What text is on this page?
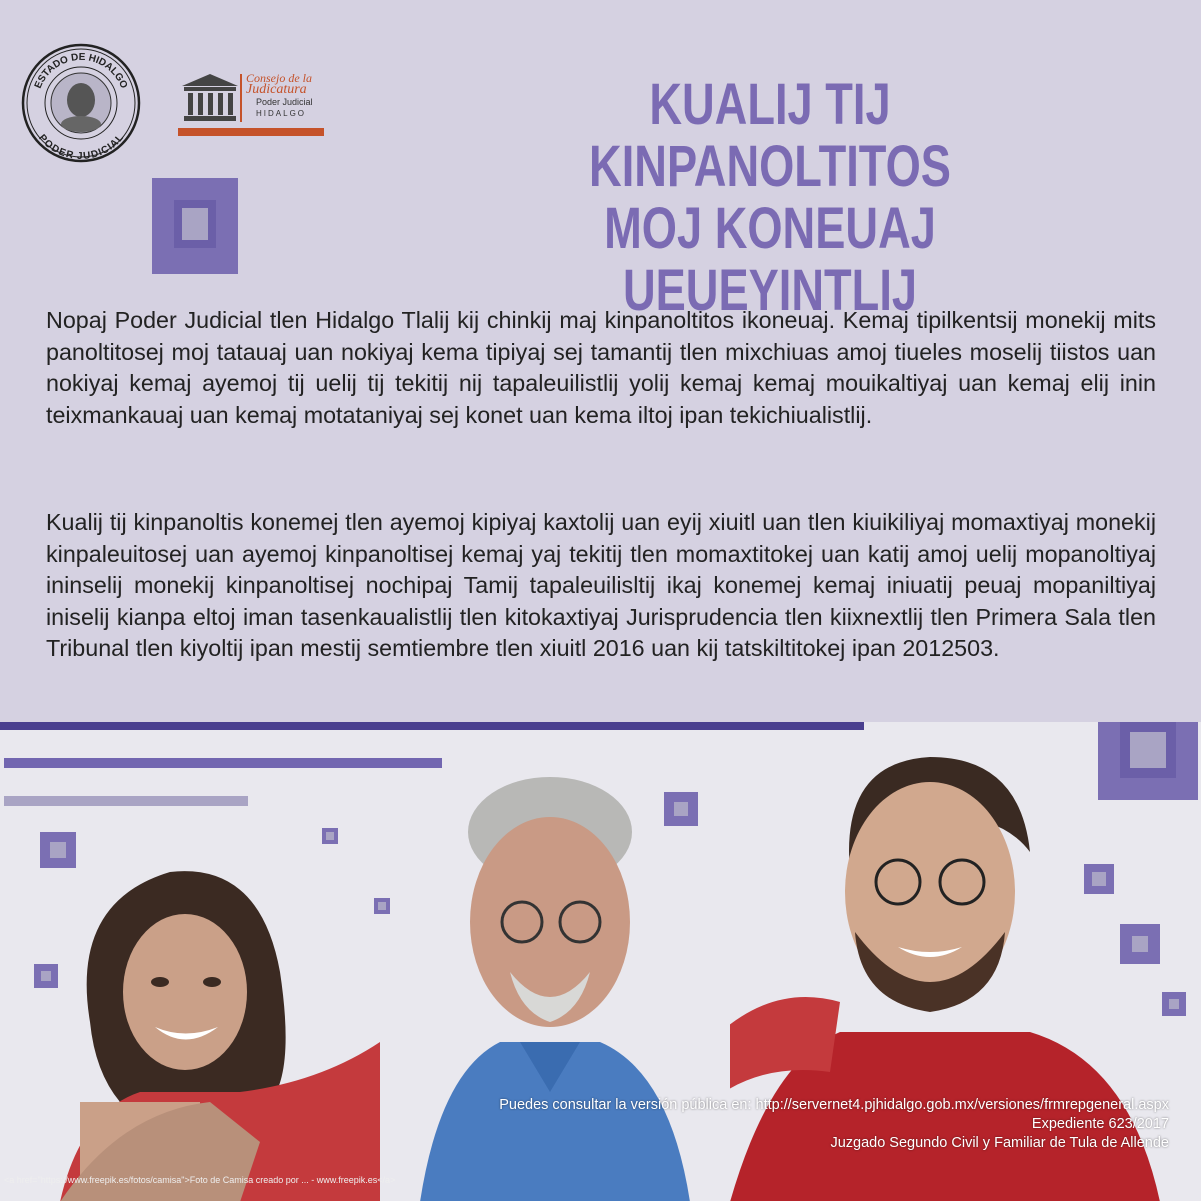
ESTADO DE HIDALGO
PODER JUDICIAL
Consejo de la
Judicatura
Poder Judicial
HIDALGO	KUALIJ TIJ KINPANOLTITOS
MOJ KONEUAJ UEUEYINTLIJ
Nopaj Poder Judicial tlen Hidalgo Tlalij kij chinkij maj kinpanoltitos ikoneuaj. Kemaj tipilkentsij monekij mits panoltitosej moj tatauaj uan nokiyaj kema tipiyaj sej tamantij tlen mixchiuas amoj tiueles moselij tiistos uan nokiyaj kemaj ayemoj tij uelij tij tekitij nij tapaleuilistlij yolij kemaj kemaj mouikaltiyaj uan kemaj elij inin teixmankauaj uan kemaj motataniyaj sej konet uan kema iltoj ipan tekichiualistlij.
Kualij tij kinpanoltis konemej tlen ayemoj kipiyaj kaxtolij uan eyij xiuitl uan tlen kiuikiliyaj momaxtiyaj monekij kinpaleuitosej uan ayemoj kinpanoltisej kemaj yaj tekitij tlen momaxtitokej uan katij amoj uelij mopanoltiyaj ininselij monekij kinpanoltisej nochipaj Tamij tapaleuilisltij ikaj konemej kemaj iniuatij peuaj mopaniltiyaj iniselij kianpa eltoj iman tasenkaualistlij tlen kitokaxtiyaj Jurisprudencia tlen kiixnextlij tlen Primera Sala tlen Tribunal tlen kiyoltij ipan mestij semtiembre tlen xiuitl 2016 uan kij tatskiltitokej ipan 2012503.
Puedes consultar la versión pública en: http://servernet4.pjhidalgo.gob.mx/versiones/frmrepgeneral.aspx
Expediente 623/2017
Juzgado Segundo Civil y Familiar de Tula de Allende
<a href="https://www.freepik.es/fotos/camisa">Foto de Camisa creado por ... - www.freepik.es</a>
